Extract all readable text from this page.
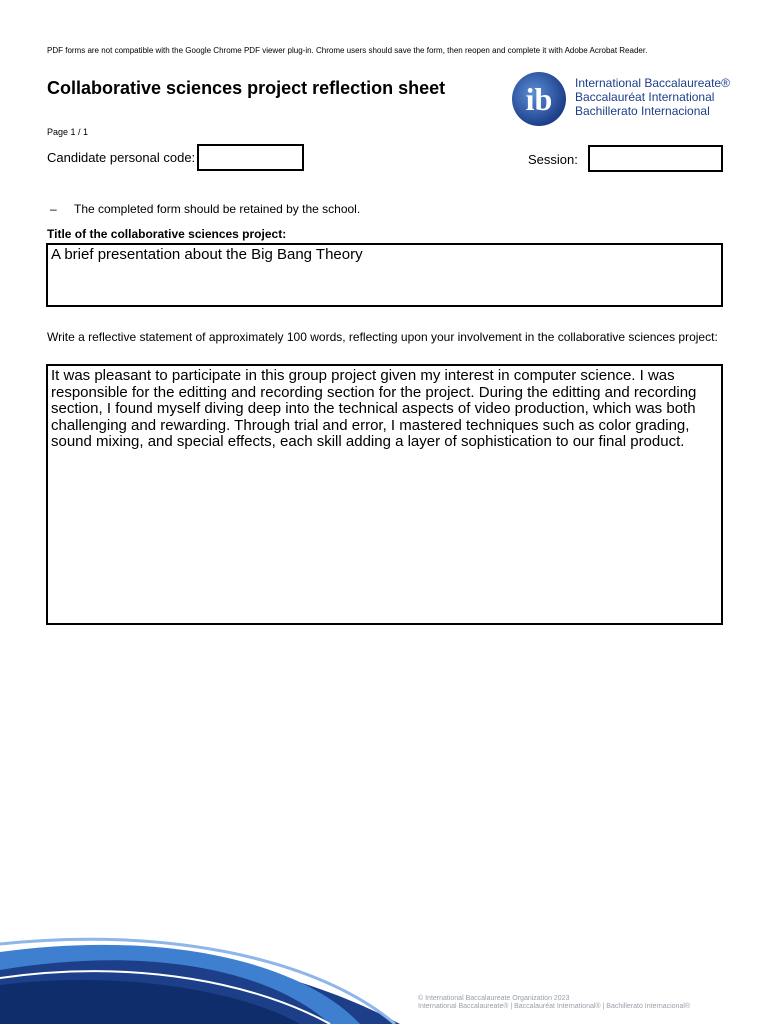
PDF forms are not compatible with the Google Chrome PDF viewer plug-in. Chrome users should save the form, then reopen and complete it with Adobe Acrobat Reader.
Collaborative sciences project reflection sheet	ib International Baccalaureate®
Baccalauréat International
Bachillerato Internacional
Page 1 / 1
Candidate personal code:	Session:
– The completed form should be retained by the school.
Title of the collaborative sciences project:
A brief presentation about the Big Bang Theory
Write a reflective statement of approximately 100 words, reflecting upon your involvement in the collaborative sciences project:
It was pleasant to participate in this group project given my interest in computer science. I was responsible for the editting and recording section for the project. During the editting and recording section, I found myself diving deep into the technical aspects of video production, which was both challenging and rewarding. Through trial and error, I mastered techniques such as color grading, sound mixing, and special effects, each skill adding a layer of sophistication to our final product.
© International Baccalaureate Organization 2023
International Baccalaureate® | Baccalauréat International® | Bachillerato Internacional®
